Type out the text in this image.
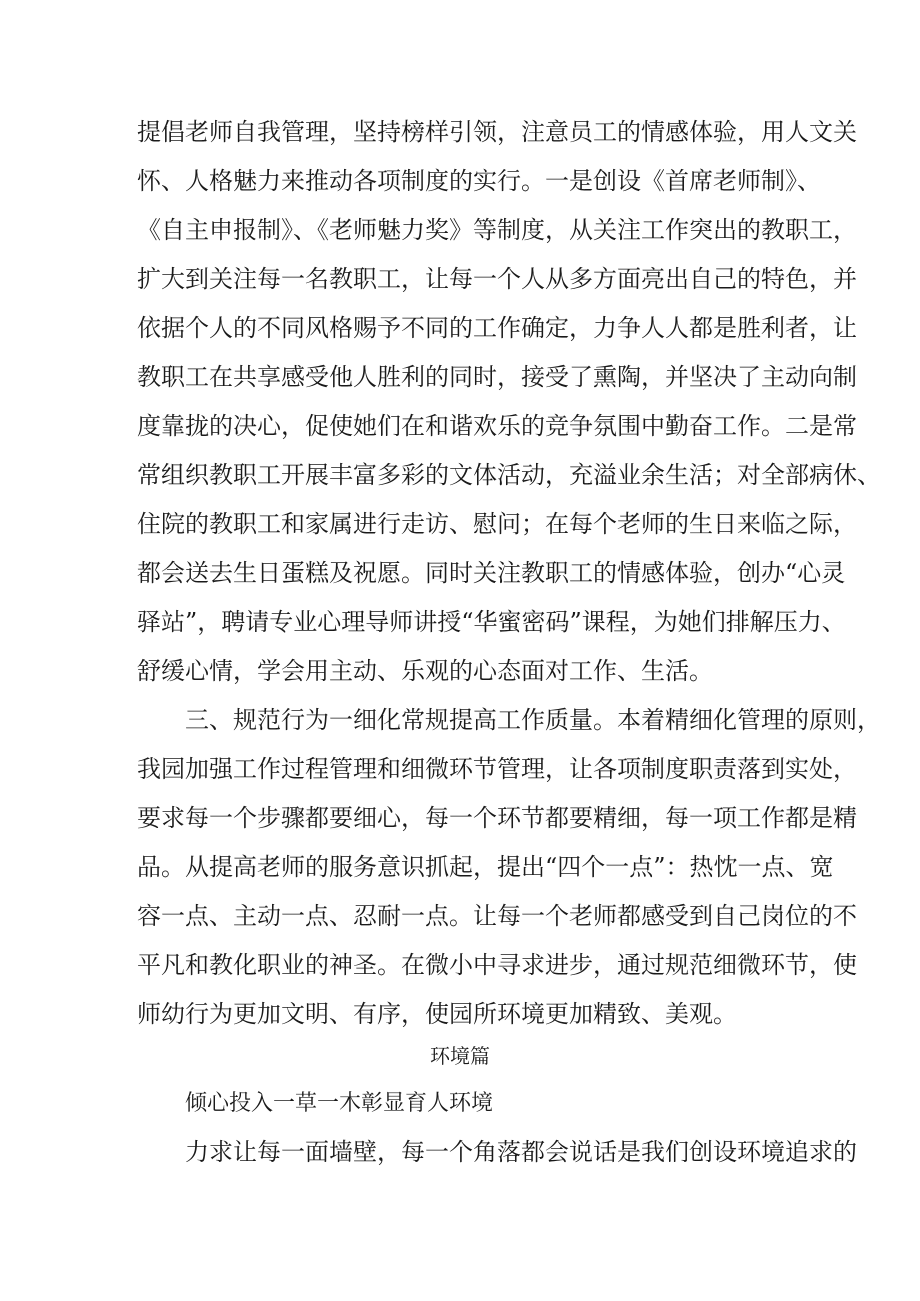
提倡老师自我管理，坚持榜样引领，注意员工的情感体验，用人文关
怀、人格魅力来推动各项制度的实行。一是创设《首席老师制》、
《自主申报制》、《老师魅力奖》等制度，从关注工作突出的教职工，
扩大到关注每一名教职工，让每一个人从多方面亮出自己的特色，并
依据个人的不同风格赐予不同的工作确定，力争人人都是胜利者，让
教职工在共享感受他人胜利的同时，接受了熏陶，并坚决了主动向制
度靠拢的决心，促使她们在和谐欢乐的竞争氛围中勤奋工作。二是常
常组织教职工开展丰富多彩的文体活动，充溢业余生活；对全部病休、
住院的教职工和家属进行走访、慰问；在每个老师的生日来临之际，
都会送去生日蛋糕及祝愿。同时关注教职工的情感体验，创办“心灵
驿站”，聘请专业心理导师讲授“华蜜密码”课程，为她们排解压力、
舒缓心情，学会用主动、乐观的心态面对工作、生活。
三、规范行为一细化常规提高工作质量。本着精细化管理的原则，
我园加强工作过程管理和细微环节管理，让各项制度职责落到实处，
要求每一个步骤都要细心，每一个环节都要精细，每一项工作都是精
品。从提高老师的服务意识抓起，提出“四个一点”：热忱一点、宽
容一点、主动一点、忍耐一点。让每一个老师都感受到自己岗位的不
平凡和教化职业的神圣。在微小中寻求进步，通过规范细微环节，使
师幼行为更加文明、有序，使园所环境更加精致、美观。
环境篇
倾心投入一草一木彰显育人环境
力求让每一面墙壁，每一个角落都会说话是我们创设环境追求的
